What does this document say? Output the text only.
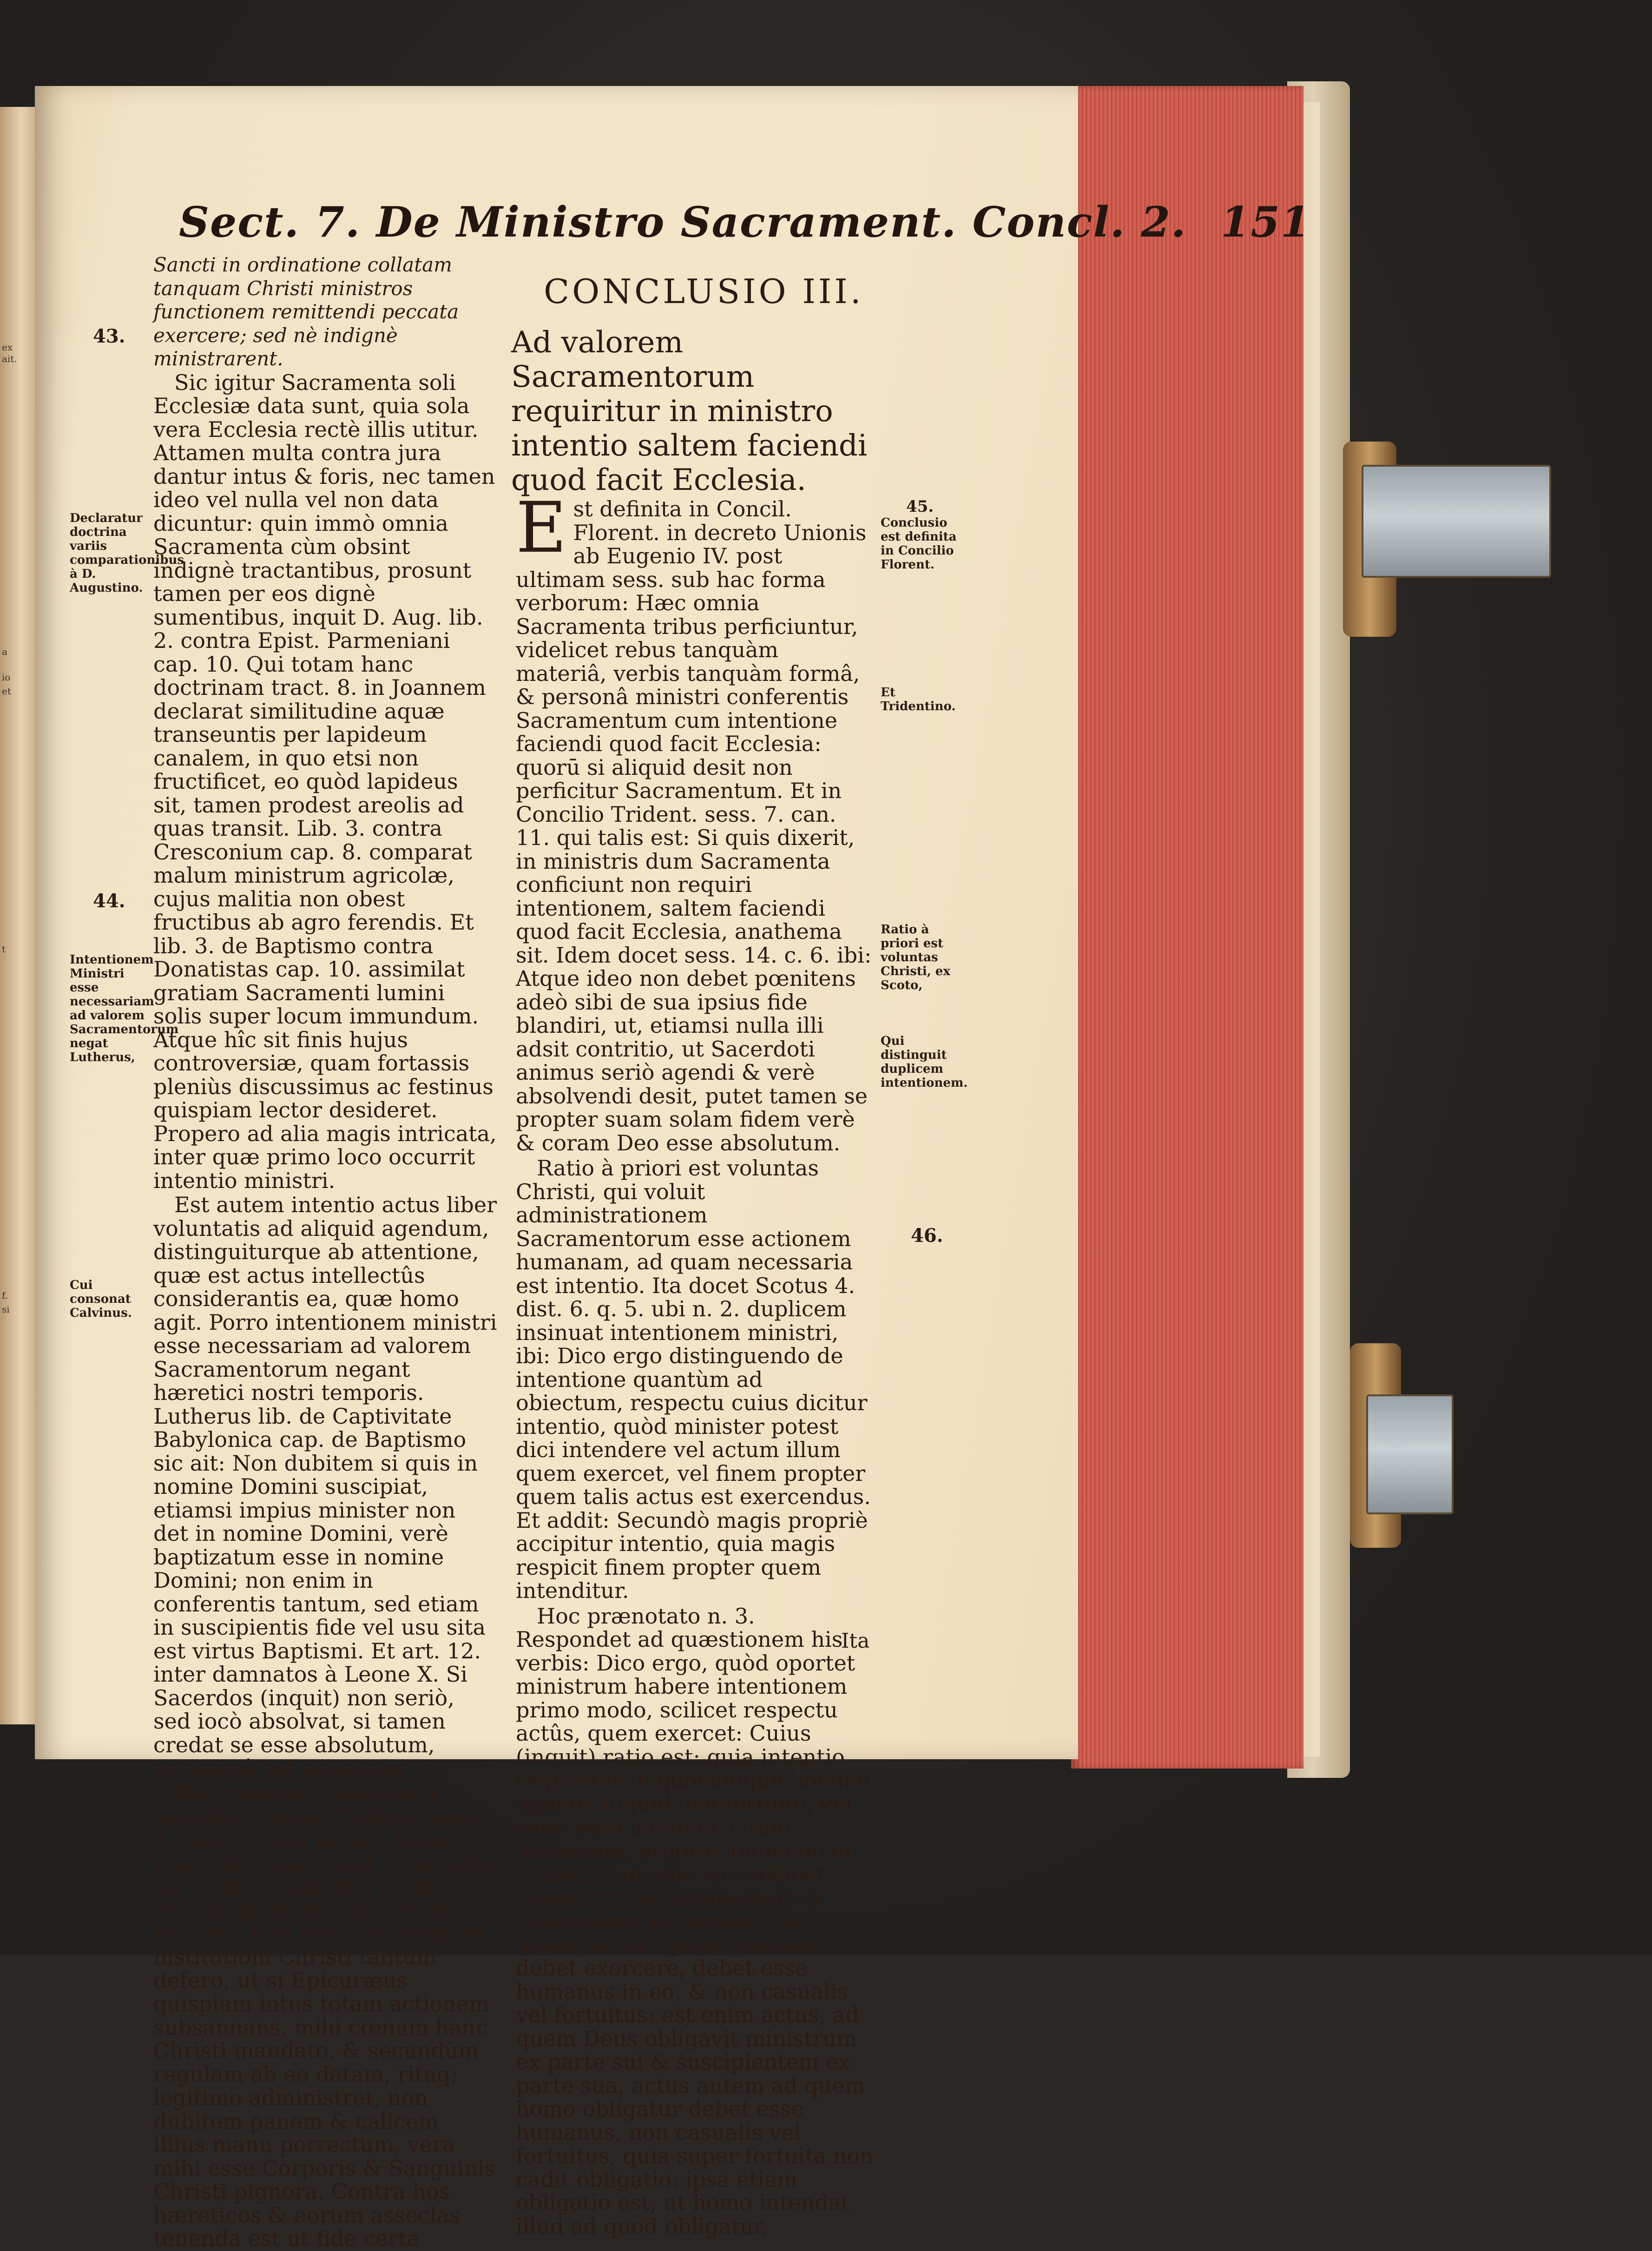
ex
ait.
a
io
et
t
f.
si

Sect. 7. De Ministro Sacrament. Concl. 2. 151

Sancti in ordinatione collatam tanquam Christi ministros functionem remittendi peccata exercere; sed nè indignè ministrarent.

Sic igitur Sacramenta soli Ecclesiæ data sunt, quia sola vera Ecclesia rectè illis utitur. Attamen multa contra jura dantur intus & foris, nec tamen ideo vel nulla vel non data dicuntur: quin immò omnia Sacramenta cùm obsint indignè tractantibus, prosunt tamen per eos dignè sumentibus, inquit D. Aug. lib. 2. contra Epist. Parmeniani cap. 10. Qui totam hanc doctrinam tract. 8. in Joannem declarat similitudine aquæ transeuntis per lapideum canalem, in quo etsi non fructificet, eo quòd lapideus sit, tamen prodest areolis ad quas transit. Lib. 3. contra Cresconium cap. 8. comparat malum ministrum agricolæ, cujus malitia non obest fructibus ab agro ferendis. Et lib. 3. de Baptismo contra Donatistas cap. 10. assimilat gratiam Sacramenti lumini solis super locum immundum. Atque hîc sit finis hujus controversiæ, quam fortassis pleniùs discussimus ac festinus quispiam lector desideret. Propero ad alia magis intricata, inter quæ primo loco occurrit intentio ministri.

Est autem intentio actus liber voluntatis ad aliquid agendum, distinguiturque ab attentione, quæ est actus intellectûs considerantis ea, quæ homo agit. Porro intentionem ministri esse necessariam ad valorem Sacramentorum negant hæretici nostri temporis. Lutherus lib. de Captivitate Babylonica cap. de Baptismo sic ait: Non dubitem si quis in nomine Domini suscipiat, etiamsi impius minister non det in nomine Domini, verè baptizatum esse in nomine Domini; non enim in conferentis tantum, sed etiam in suscipientis fide vel usu sita est virtus Baptismi. Et art. 12. inter damnatos à Leone X. Si Sacerdos (inquit) non seriò, sed iocò absolvat, si tamen credat se esse absolutum, verissimè est absolutus.

His consonat Calvinus in Antidoto Concil. Trident. sess. 7. can. 11. ubi sic ait: Quod enim de consecrandi intentione garriunt, à sophistis nullâ ratione probabili fuit proditum. Et infra: Ego verò sacrosanctæ institutioni Christi tantùm defero, ut si Epicuræus quispiam intus totam actionem subsannans, mihi cœnam hanc Christi mandato, & secundùm regulam ab eo datam, rituq; legitimo administret, non dubitem panem & calicem illius manu porrectum, vera mihi esse Corporis & Sanguinis Christi pignora. Contra hos hæreticos & eorum asseclas tenenda est ut fide certa

43.
Declaratur doctrina variis comparationibus à D. Augustino.
44.
Intentionem Ministri esse necessariam ad valorem Sacramentorum negat Lutherus,
Cui consonat Calvinus.
CONCLUSIO III.
Ad valorem Sacramentorum requiritur in ministro intentio saltem faciendi quod facit Ecclesia.

E st definita in Concil. Florent. in decreto Unionis ab Eugenio IV. post ultimam sess. sub hac forma verborum: Hæc omnia Sacramenta tribus perficiuntur, videlicet rebus tanquàm materiâ, verbis tanquàm formâ, & personâ ministri conferentis Sacramentum cum intentione faciendi quod facit Ecclesia: quorū si aliquid desit non perficitur Sacramentum. Et in Concilio Trident. sess. 7. can. 11. qui talis est: Si quis dixerit, in ministris dum Sacramenta conficiunt non requiri intentionem, saltem faciendi quod facit Ecclesia, anathema sit. Idem docet sess. 14. c. 6. ibi: Atque ideo non debet pœnitens adeò sibi de sua ipsius fide blandiri, ut, etiamsi nulla illi adsit contritio, ut Sacerdoti animus seriò agendi & verè absolvendi desit, putet tamen se propter suam solam fidem verè & coram Deo esse absolutum.

Ratio à priori est voluntas Christi, qui voluit administrationem Sacramentorum esse actionem humanam, ad quam necessaria est intentio. Ita docet Scotus 4. dist. 6. q. 5. ubi n. 2. duplicem insinuat intentionem ministri, ibi: Dico ergo distinguendo de intentione quantùm ad obiectum, respectu cuius dicitur intentio, quòd minister potest dici intendere vel actum illum quem exercet, vel finem propter quem talis actus est exercendus. Et addit: Secundò magis propriè accipitur intentio, quia magis respicit finem propter quem intenditur.

Hoc prænotato n. 3. Respondet ad quæstionem his verbis: Dico ergo, quòd oportet ministrum habere intentionem primo modo, scilicet respectu actûs, quem exercet: Cuius (inquit) ratio est; quia intentio requiritur in quocumque homine agente aliquid non fortuitò, vel exercente aliquem actum humanum, propriè loquendo de actibus humanis, qui scilicet causantur per intellectum & voluntatem ab homine. Ille autem actus, quem minister debet exercere, debet esse humanus in eo, & non casualis vel fortuitus: est enim actus, ad quem Deus obligavit ministrum ex parte sui & suscipientem ex parte sua, actus autem ad quem homo obligatur debet esse humanus, non casualis vel fortuitus, quia super fortuita non cadit obligatio: ipsa etiam obligatio est, ut homo intendat illud ad quod obligatur.

45.
Conclusio est definita in Concilio Florent.
Et Tridentino.
Ratio à priori est voluntas Christi, ex Scoto,
Qui distinguit duplicem intentionem.
46.
Ita
